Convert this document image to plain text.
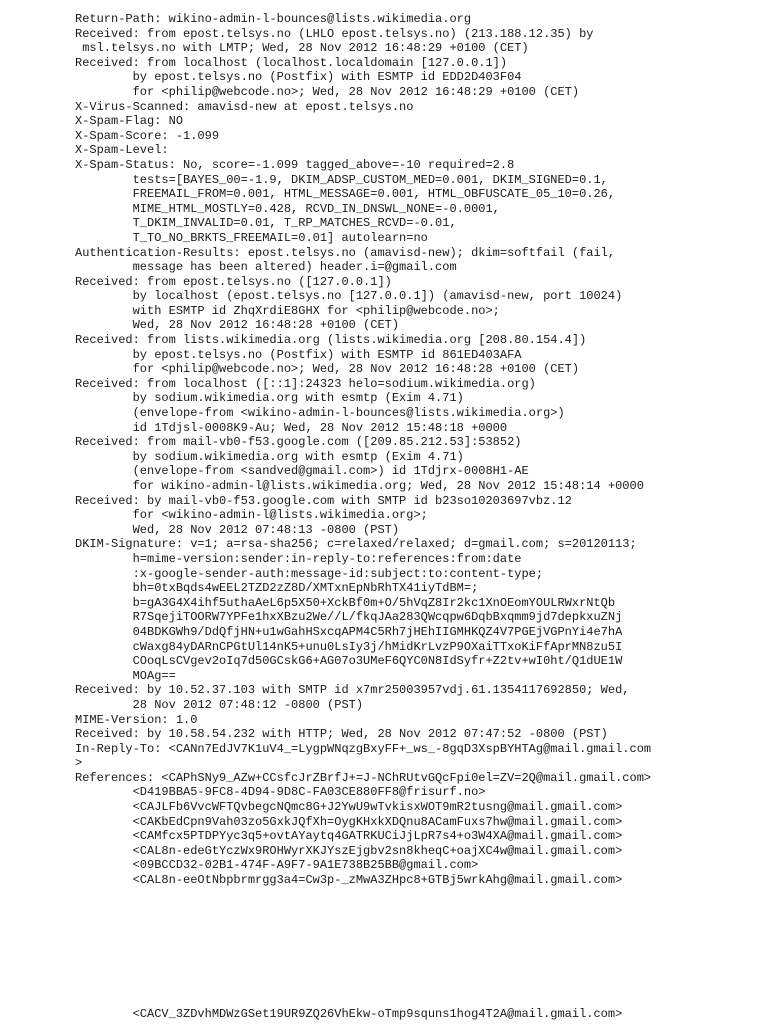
Return-Path: wikino-admin-l-bounces@lists.wikimedia.org
Received: from epost.telsys.no (LHLO epost.telsys.no) (213.188.12.35) by
msl.telsys.no with LMTP; Wed, 28 Nov 2012 16:48:29 +0100 (CET)
Received: from localhost (localhost.localdomain [127.0.0.1])
by epost.telsys.no (Postfix) with ESMTP id EDD2D403F04
for <philip@webcode.no>; Wed, 28 Nov 2012 16:48:29 +0100 (CET)
X-Virus-Scanned: amavisd-new at epost.telsys.no
X-Spam-Flag: NO
X-Spam-Score: -1.099
X-Spam-Level:
X-Spam-Status: No, score=-1.099 tagged_above=-10 required=2.8
tests=[BAYES_00=-1.9, DKIM_ADSP_CUSTOM_MED=0.001, DKIM_SIGNED=0.1,
FREEMAIL_FROM=0.001, HTML_MESSAGE=0.001, HTML_OBFUSCATE_05_10=0.26,
MIME_HTML_MOSTLY=0.428, RCVD_IN_DNSWL_NONE=-0.0001,
T_DKIM_INVALID=0.01, T_RP_MATCHES_RCVD=-0.01,
T_TO_NO_BRKTS_FREEMAIL=0.01] autolearn=no
Authentication-Results: epost.telsys.no (amavisd-new); dkim=softfail (fail,
message has been altered) header.i=@gmail.com
Received: from epost.telsys.no ([127.0.0.1])
by localhost (epost.telsys.no [127.0.0.1]) (amavisd-new, port 10024)
with ESMTP id ZhqXrdiE8GHX for <philip@webcode.no>;
Wed, 28 Nov 2012 16:48:28 +0100 (CET)
Received: from lists.wikimedia.org (lists.wikimedia.org [208.80.154.4])
by epost.telsys.no (Postfix) with ESMTP id 861ED403AFA
for <philip@webcode.no>; Wed, 28 Nov 2012 16:48:28 +0100 (CET)
Received: from localhost ([::1]:24323 helo=sodium.wikimedia.org)
by sodium.wikimedia.org with esmtp (Exim 4.71)
(envelope-from <wikino-admin-l-bounces@lists.wikimedia.org>)
id 1Tdjsl-0008K9-Au; Wed, 28 Nov 2012 15:48:18 +0000
Received: from mail-vb0-f53.google.com ([209.85.212.53]:53852)
by sodium.wikimedia.org with esmtp (Exim 4.71)
(envelope-from <sandved@gmail.com>) id 1Tdjrx-0008H1-AE
for wikino-admin-l@lists.wikimedia.org; Wed, 28 Nov 2012 15:48:14 +0000
Received: by mail-vb0-f53.google.com with SMTP id b23so10203697vbz.12
for <wikino-admin-l@lists.wikimedia.org>;
Wed, 28 Nov 2012 07:48:13 -0800 (PST)
DKIM-Signature: v=1; a=rsa-sha256; c=relaxed/relaxed; d=gmail.com; s=20120113;
h=mime-version:sender:in-reply-to:references:from:date
:x-google-sender-auth:message-id:subject:to:content-type;
bh=0txBqds4wEEL2TZD2zZ8D/XMTxnEpNbRhTX41iyTdBM=;
b=gA3G4X4ihf5uthaAeL6p5X50+XckBf0m+O/5hVqZ8Ir2kc1XnOEomYOULRWxrNtQb
R7SqejiTOORW7YPFe1hxXBzu2We//L/fkqJAa283QWcqpw6DqbBxqmm9jd7depkxuZNj
04BDKGWh9/DdQfjHN+u1wGahHSxcqAPM4C5Rh7jHEhIIGMHKQZ4V7PGEjVGPnYi4e7hA
cWaxg84yDARnCPGtUl14nK5+unu0LsIy3j/hMidKrLvzP9OXaiTTxoKiFfAprMN8zu5I
COoqLsCVgev2oIq7d50GCskG6+AG07o3UMeF6QYC0N8IdSyfr+Z2tv+wI0ht/Q1dUE1W
MOAg==
Received: by 10.52.37.103 with SMTP id x7mr25003957vdj.61.1354117692850; Wed,
28 Nov 2012 07:48:12 -0800 (PST)
MIME-Version: 1.0
Received: by 10.58.54.232 with HTTP; Wed, 28 Nov 2012 07:47:52 -0800 (PST)
In-Reply-To: <CANn7EdJV7K1uV4_=LygpWNqzgBxyFF+_ws_-8gqD3XspBYHTAg@mail.gmail.com
>
References: <CAPhSNy9_AZw+CCsfcJrZBrfJ+=J-NChRUtvGQcFpi0el=ZV=2Q@mail.gmail.com>
<D419BBA5-9FC8-4D94-9D8C-FA03CE880FF8@frisurf.no>
<CAJLFb6VvcWFTQvbegcNQmc8G+J2YwU9wTvkisxWOT9mR2tusng@mail.gmail.com>
<CAKbEdCpn9Vah03zo5GxkJQfXh=OygKHxkXDQnu8ACamFuxs7hw@mail.gmail.com>
<CAMfcx5PTDPYyc3q5+ovtAYaytq4GATRKUCiJjLpR7s4+o3W4XA@mail.gmail.com>
<CAL8n-edeGtYczWx9ROHWyrXKJYszEjgbv2sn8kheqC+oajXC4w@mail.gmail.com>
<09BCCD32-02B1-474F-A9F7-9A1E738B25BB@gmail.com>
<CAL8n-eeOtNbpbrmrgg3a4=Cw3p-_zMwA3ZHpc8+GTBj5wrkAhg@mail.gmail.com>
<CACV_3ZDvhMDWzGSet19UR9ZQ26VhEkw-oTmp9squns1hog4T2A@mail.gmail.com>
